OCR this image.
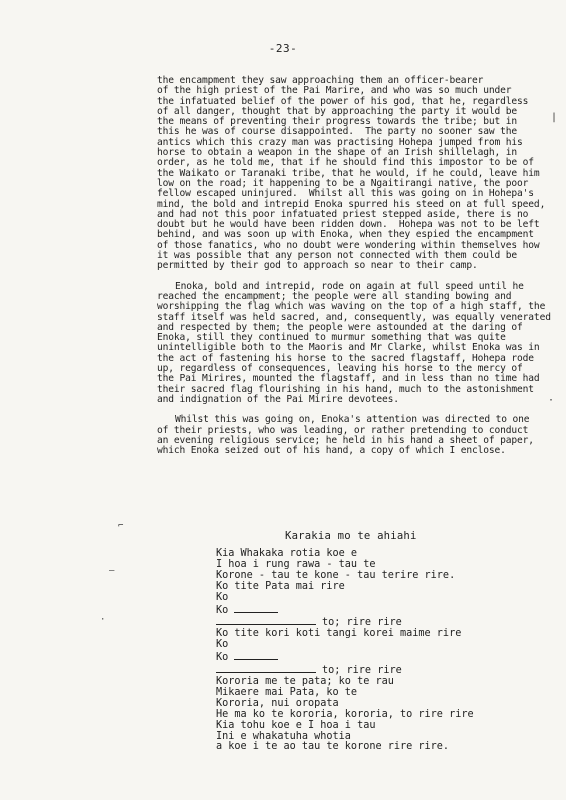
-23-
the encampment they saw approaching them an officer-bearer
of the high priest of the Pai Marire, and who was so much under
the infatuated belief of the power of his god, that he, regardless
of all danger, thought that by approaching the party it would be
the means of preventing their progress towards the tribe; but in
this he was of course disappointed.  The party no sooner saw the
antics which this crazy man was practising Hohepa jumped from his
horse to obtain a weapon in the shape of an Irish shillelagh, in
order, as he told me, that if he should find this impostor to be of
the Waikato or Taranaki tribe, that he would, if he could, leave him
low on the road; it happening to be a Ngaitirangi native, the poor
fellow escaped uninjured.  Whilst all this was going on in Hohepa's
mind, the bold and intrepid Enoka spurred his steed on at full speed,
and had not this poor infatuated priest stepped aside, there is no
doubt but he would have been ridden down.  Hohepa was not to be left
behind, and was soon up with Enoka, when they espied the encampment
of those fanatics, who no doubt were wondering within themselves how
it was possible that any person not connected with them could be
permitted by their god to approach so near to their camp.
Enoka, bold and intrepid, rode on again at full speed until he
reached the encampment; the people were all standing bowing and
worshipping the flag which was waving on the top of a high staff, the
staff itself was held sacred, and, consequently, was equally venerated
and respected by them; the people were astounded at the daring of
Enoka, still they continued to murmur something that was quite
unintelligible both to the Maoris and Mr Clarke, whilst Enoka was in
the act of fastening his horse to the sacred flagstaff, Hohepa rode
up, regardless of consequences, leaving his horse to the mercy of
the Pai Mirires, mounted the flagstaff, and in less than no time had
their sacred flag flourishing in his hand, much to the astonishment
and indignation of the Pai Mirire devotees.
Whilst this was going on, Enoka's attention was directed to one
of their priests, who was leading, or rather pretending to conduct
an evening religious service; he held in his hand a sheet of paper,
which Enoka seized out of his hand, a copy of which I enclose.
Karakia mo te ahiahi
Kia Whakaka rotia koe e
I hoa i rung rawa - tau te
Korone - tau te kone - tau terire rire.
Ko tite Pata mai rire
Ko
Ko
to; rire rire
Ko tite kori koti tangi korei maime rire
Ko
Ko
to; rire rire
Kororia me te pata; ko te rau
Mikaere mai Pata, ko te
Kororia, nui oropata
He ma ko te kororia, kororia, to rire rire
Kia tohu koe e I hoa i tau
Ini e whakatuha whotia
a koe i te ao tau te korone rire rire.
|
·
⌐
—
·
